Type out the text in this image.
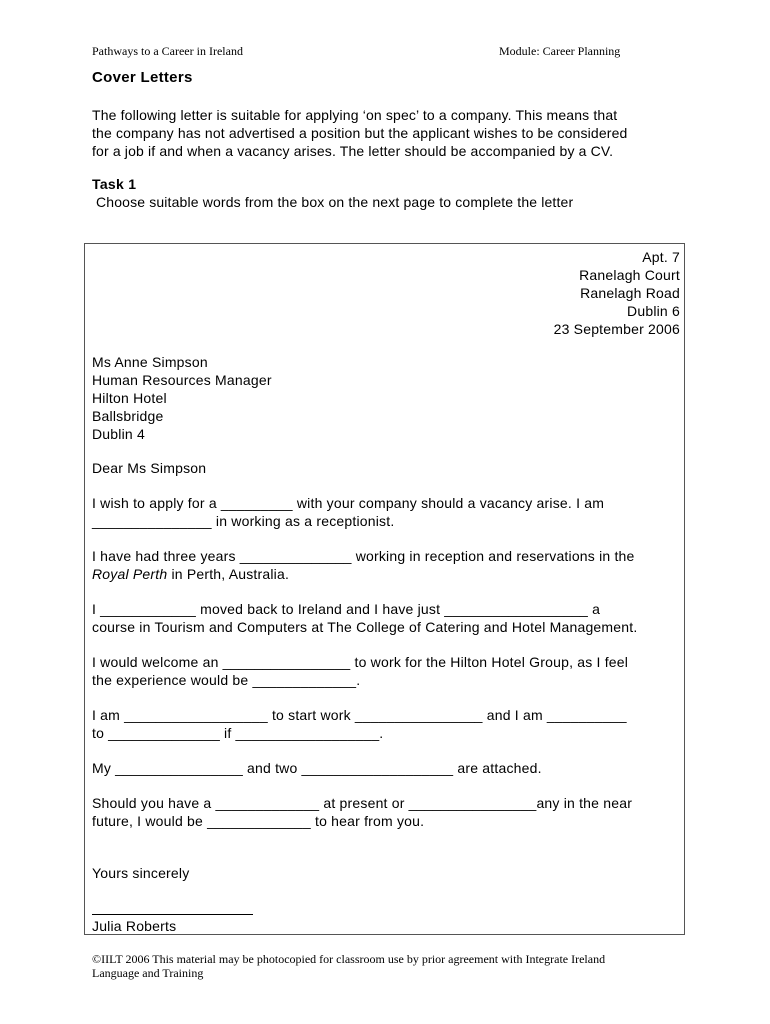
Pathways to a Career in Ireland	Module: Career Planning
Cover Letters
The following letter is suitable for applying ‘on spec’ to a company. This means that
the company has not advertised a position but the applicant wishes to be considered
for a job if and when a vacancy arises. The letter should be accompanied by a CV.
Task 1
Choose suitable words from the box on the next page to complete the letter
Apt. 7
Ranelagh Court
Ranelagh Road
Dublin 6
23 September 2006
Ms Anne Simpson
Human Resources Manager
Hilton Hotel
Ballsbridge
Dublin 4
Dear Ms Simpson
I wish to apply for a _________ with your company should a vacancy arise. I am
_______________ in working as a receptionist.
I have had three years ______________ working in reception and reservations in the
Royal Perth in Perth, Australia.
I ____________ moved back to Ireland and I have just __________________ a
course in Tourism and Computers at The College of Catering and Hotel Management.
I would welcome an ________________ to work for the Hilton Hotel Group, as I feel
the experience would be _____________.
I am __________________ to start work ________________ and I am __________
to ______________ if __________________.
My ________________ and two ___________________ are attached.
Should you have a _____________ at present or ________________any in the near
future, I would be _____________ to hear from you.
Yours sincerely
Julia Roberts
©IILT 2006 This material may be photocopied for classroom use by prior agreement with Integrate Ireland
Language and Training
